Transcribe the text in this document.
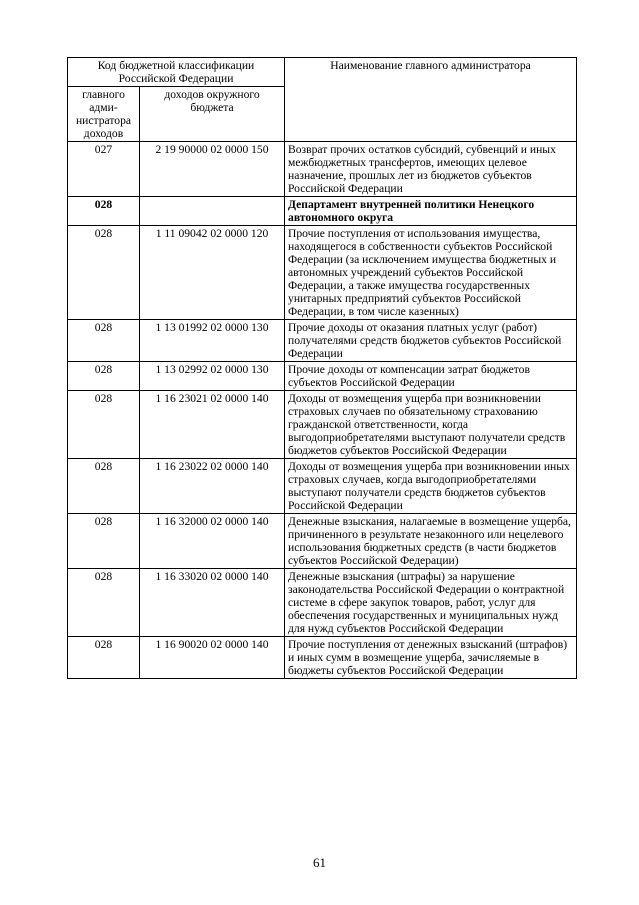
Код бюджетной классификации Российской Федерации		Наименование главного администратора
главного адми-нистратора доходов	доходов окружного бюджета	
027	2 19 90000 02 0000 150	Возврат прочих остатков субсидий, субвенций и иных межбюджетных трансфертов, имеющих целевое назначение, прошлых лет из бюджетов субъектов Российской Федерации
028		Департамент внутренней политики Ненецкого автономного округа
028	1 11 09042 02 0000 120	Прочие поступления от использования имущества, находящегося в собственности субъектов Российской Федерации (за исключением имущества бюджетных и автономных учреждений субъектов Российской Федерации, а также имущества государственных унитарных предприятий субъектов Российской Федерации, в том числе казенных)
028	1 13 01992 02 0000 130	Прочие доходы от оказания платных услуг (работ) получателями средств бюджетов субъектов Российской Федерации
028	1 13 02992 02 0000 130	Прочие доходы от компенсации затрат бюджетов субъектов Российской Федерации
028	1 16 23021 02 0000 140	Доходы от возмещения ущерба при возникновении страховых случаев по обязательному страхованию гражданской ответственности, когда выгодоприобретателями выступают получатели средств бюджетов субъектов Российской Федерации
028	1 16 23022 02 0000 140	Доходы от возмещения ущерба при возникновении иных страховых случаев, когда выгодоприобретателями выступают получатели средств бюджетов субъектов Российской Федерации
028	1 16 32000 02 0000 140	Денежные взыскания, налагаемые в возмещение ущерба, причиненного в результате незаконного или нецелевого использования бюджетных средств (в части бюджетов субъектов Российской Федерации)
028	1 16 33020 02 0000 140	Денежные взыскания (штрафы) за нарушение законодательства Российской Федерации о контрактной системе в сфере закупок товаров, работ, услуг для обеспечения государственных и муниципальных нужд для нужд субъектов Российской Федерации
028	1 16 90020 02 0000 140	Прочие поступления от денежных взысканий (штрафов) и иных сумм в возмещение ущерба, зачисляемые в бюджеты субъектов Российской Федерации
61
